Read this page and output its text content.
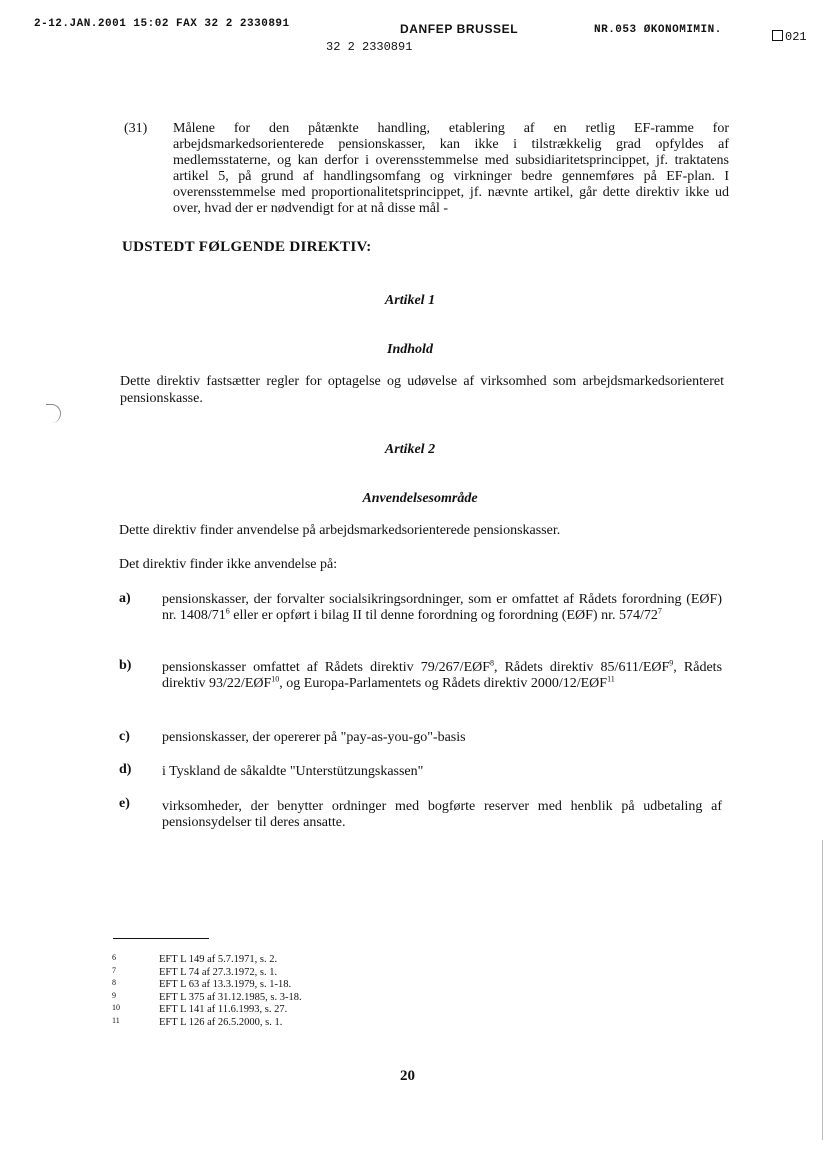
2-12.JAN.2001 15:02 FAX 32 2 2330891	DANFEP BRUSSEL
32 2 2330891
NR.053 ØKONOMIMIN.	021
(31) Målene for den påtænkte handling, etablering af en retlig EF-ramme for arbejdsmarkedsorienterede pensionskasser, kan ikke i tilstrækkelig grad opfyldes af medlemsstaterne, og kan derfor i overensstemmelse med subsidiaritetsprincippet, jf. traktatens artikel 5, på grund af handlingsomfang og virkninger bedre gennemføres på EF-plan. I overensstemmelse med proportionalitetsprincippet, jf. nævnte artikel, går dette direktiv ikke ud over, hvad der er nødvendigt for at nå disse mål -
UDSTEDT FØLGENDE DIREKTIV:
Artikel 1
Indhold
Dette direktiv fastsætter regler for optagelse og udøvelse af virksomhed som arbejdsmarkedsorienteret pensionskasse.
Artikel 2
Anvendelsesområde
Dette direktiv finder anvendelse på arbejdsmarkedsorienterede pensionskasser.
Det direktiv finder ikke anvendelse på:
a) pensionskasser, der forvalter socialsikringsordninger, som er omfattet af Rådets forordning (EØF) nr. $1408/71^6$ eller er opført i bilag II til denne forordning og forordning (EØF) nr. $574/72^7$
b) pensionskasser omfattet af Rådets direktiv 79/267/EØF$^8$, Rådets direktiv 85/611/EØF$^9$, Rådets direktiv 93/22/EØF$^{10}$, og Europa-Parlamentets og Rådets direktiv 2000/12/EØF$^{11}$
c) pensionskasser, der opererer på "pay-as-you-go"-basis
d) i Tyskland de såkaldte "Unterstützungskassen"
e) virksomheder, der benytter ordninger med bogførte reserver med henblik på udbetaling af pensionsydelser til deres ansatte.
6	EFT L 149 af 5.7.1971, s. 2.
7	EFT L 74 af 27.3.1972, s. 1.
8	EFT L 63 af 13.3.1979, s. 1-18.
9	EFT L 375 af 31.12.1985, s. 3-18.
10	EFT L 141 af 11.6.1993, s. 27.
11	EFT L 126 af 26.5.2000, s. 1.
20
